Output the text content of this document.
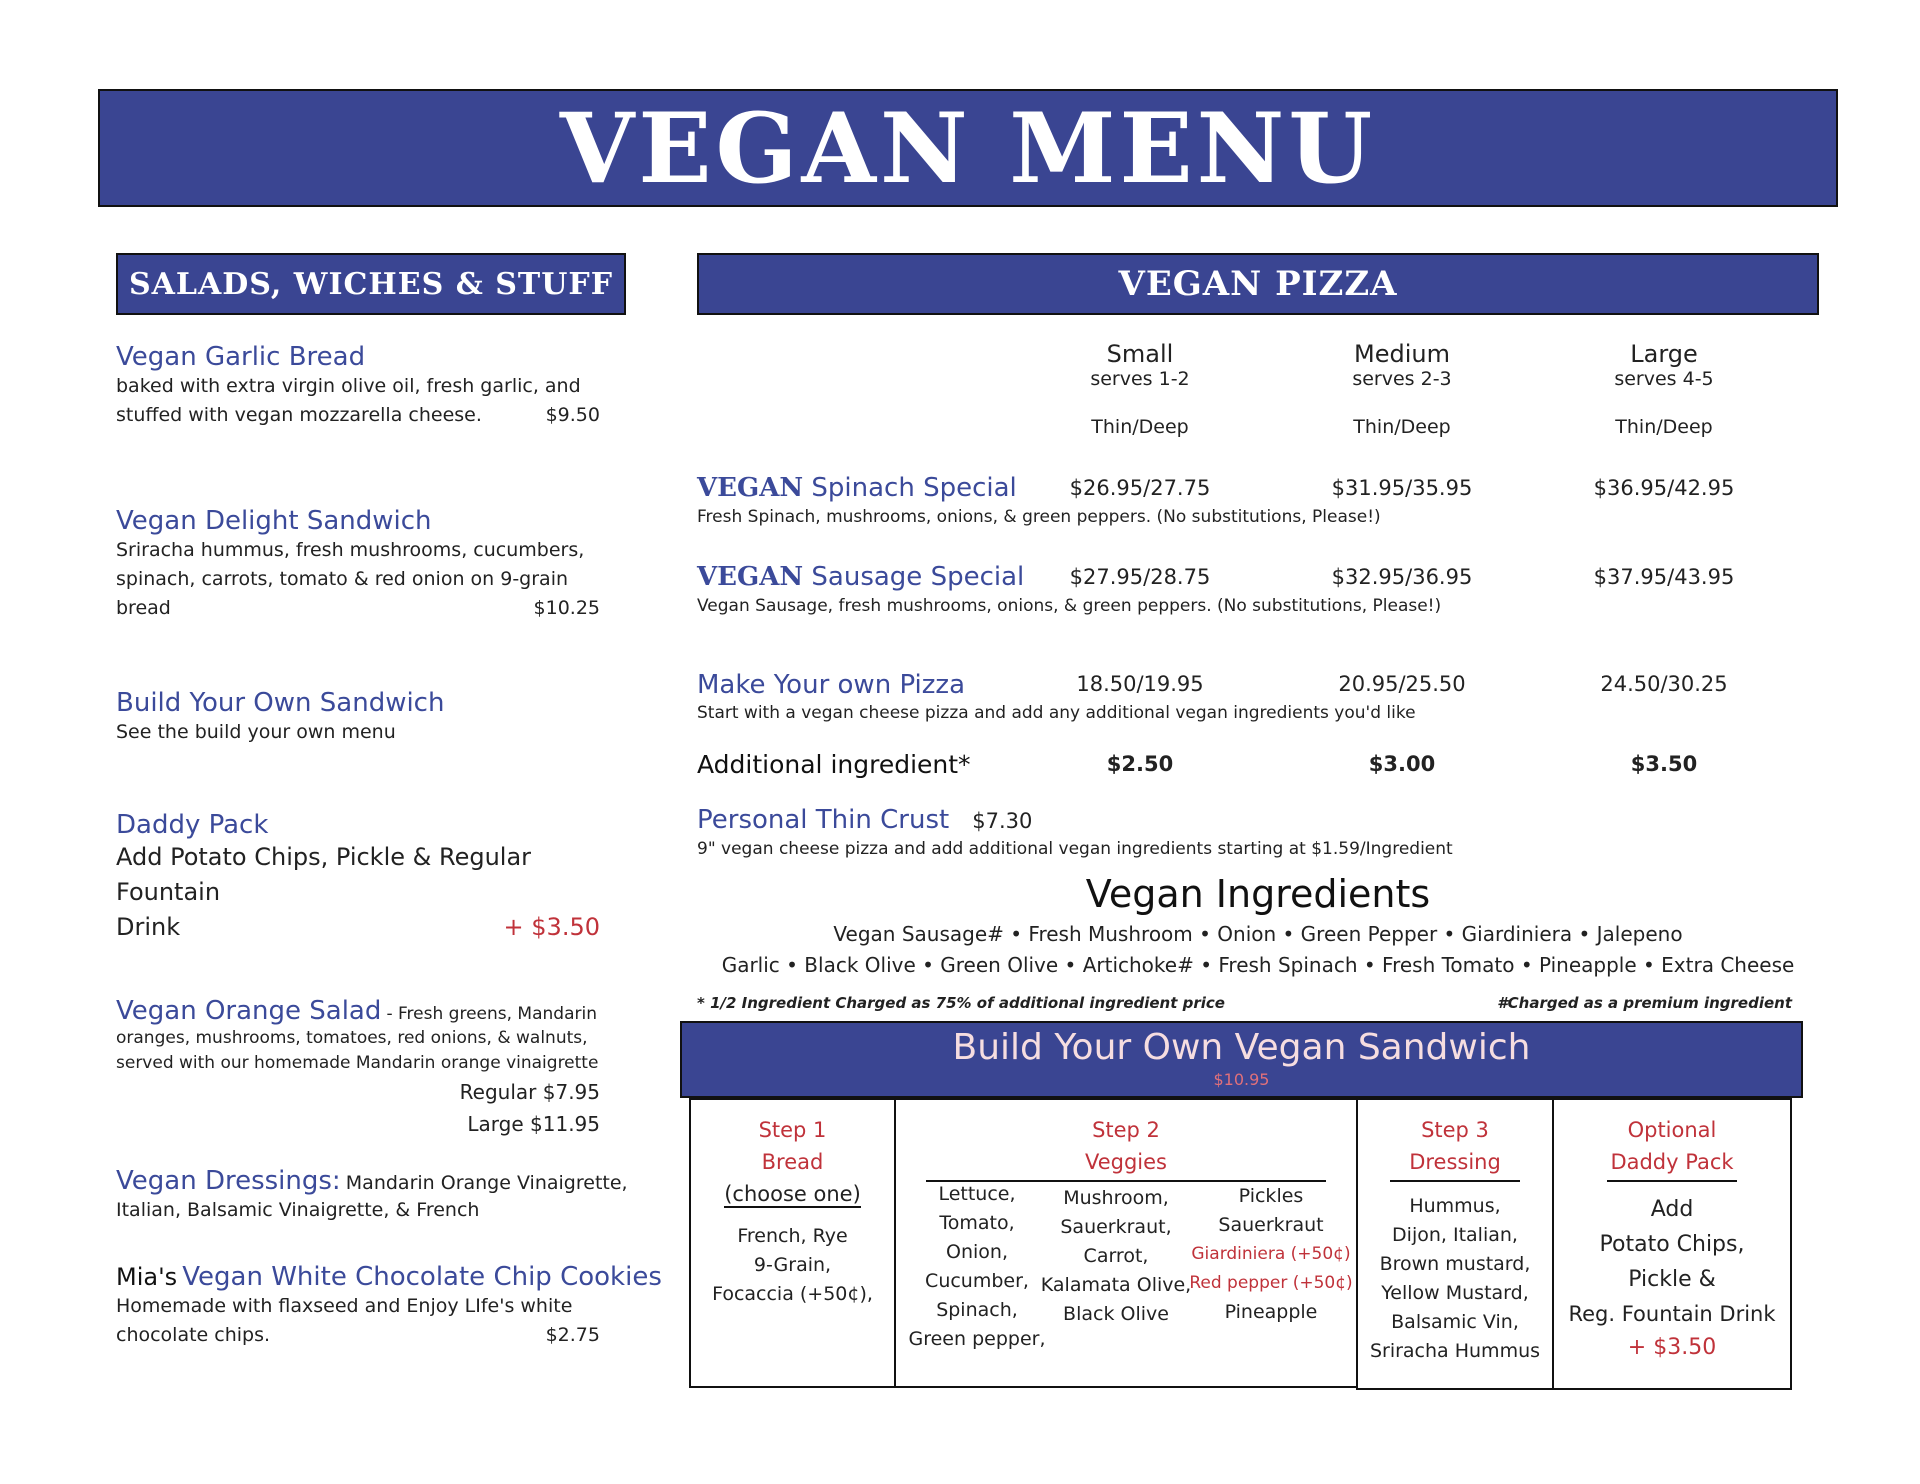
VEGAN MENU
SALADS, WICHES & STUFF
Vegan Garlic Bread
baked with extra virgin olive oil, fresh garlic, and
stuffed with vegan mozzarella cheese.	$9.50
Vegan Delight Sandwich
Sriracha hummus, fresh mushrooms, cucumbers,
spinach, carrots, tomato & red onion on 9-grain
bread	$10.25
Build Your Own Sandwich
See the build your own menu
Daddy Pack
Add Potato Chips, Pickle & Regular Fountain
Drink	+ $3.50
Vegan Orange Salad - Fresh greens, Mandarin
oranges, mushrooms, tomatoes, red onions, & walnuts,
served with our homemade Mandarin orange vinaigrette
Regular $7.95
Large $11.95
Vegan Dressings: Mandarin Orange Vinaigrette,
Italian, Balsamic Vinaigrette, & French
Mia's Vegan White Chocolate Chip Cookies
Homemade with flaxseed and Enjoy LIfe's white
chocolate chips.	$2.75
VEGAN PIZZA
Small
serves 1-2
Thin/Deep
Medium
serves 2-3
Thin/Deep
Large
serves 4-5
Thin/Deep
VEGAN Spinach Special	$26.95/27.75	$31.95/35.95	$36.95/42.95
Fresh Spinach, mushrooms, onions, & green peppers. (No substitutions, Please!)
VEGAN Sausage Special	$27.95/28.75	$32.95/36.95	$37.95/43.95
Vegan Sausage, fresh mushrooms, onions, & green peppers. (No substitutions, Please!)
Make Your own Pizza	18.50/19.95	20.95/25.50	24.50/30.25
Start with a vegan cheese pizza and add any additional vegan ingredients you'd like
Additional ingredient*	$2.50	$3.00	$3.50
Personal Thin Crust $7.30
9" vegan cheese pizza and add additional vegan ingredients starting at $1.59/Ingredient
Vegan Ingredients
Vegan Sausage# • Fresh Mushroom • Onion • Green Pepper • Giardiniera • Jalepeno
Garlic • Black Olive • Green Olive • Artichoke# • Fresh Spinach • Fresh Tomato • Pineapple • Extra Cheese
* 1/2 Ingredient Charged as 75% of additional ingredient price	#Charged as a premium ingredient
Build Your Own Vegan Sandwich
$10.95
Step 1
Bread
(choose one)
French, Rye
9-Grain,
Focaccia (+50¢),
Step 2
Veggies
Lettuce,
Tomato,
Onion,
Cucumber,
Spinach,
Green pepper,
Mushroom,
Sauerkraut,
Carrot,
Kalamata Olive,
Black Olive
Pickles
Sauerkraut
Giardiniera (+50¢)
Red pepper (+50¢)
Pineapple
Step 3
Dressing
Hummus,
Dijon, Italian,
Brown mustard,
Yellow Mustard,
Balsamic Vin,
Sriracha Hummus
Optional
Daddy Pack
Add
Potato Chips,
Pickle &
Reg. Fountain Drink
+ $3.50
